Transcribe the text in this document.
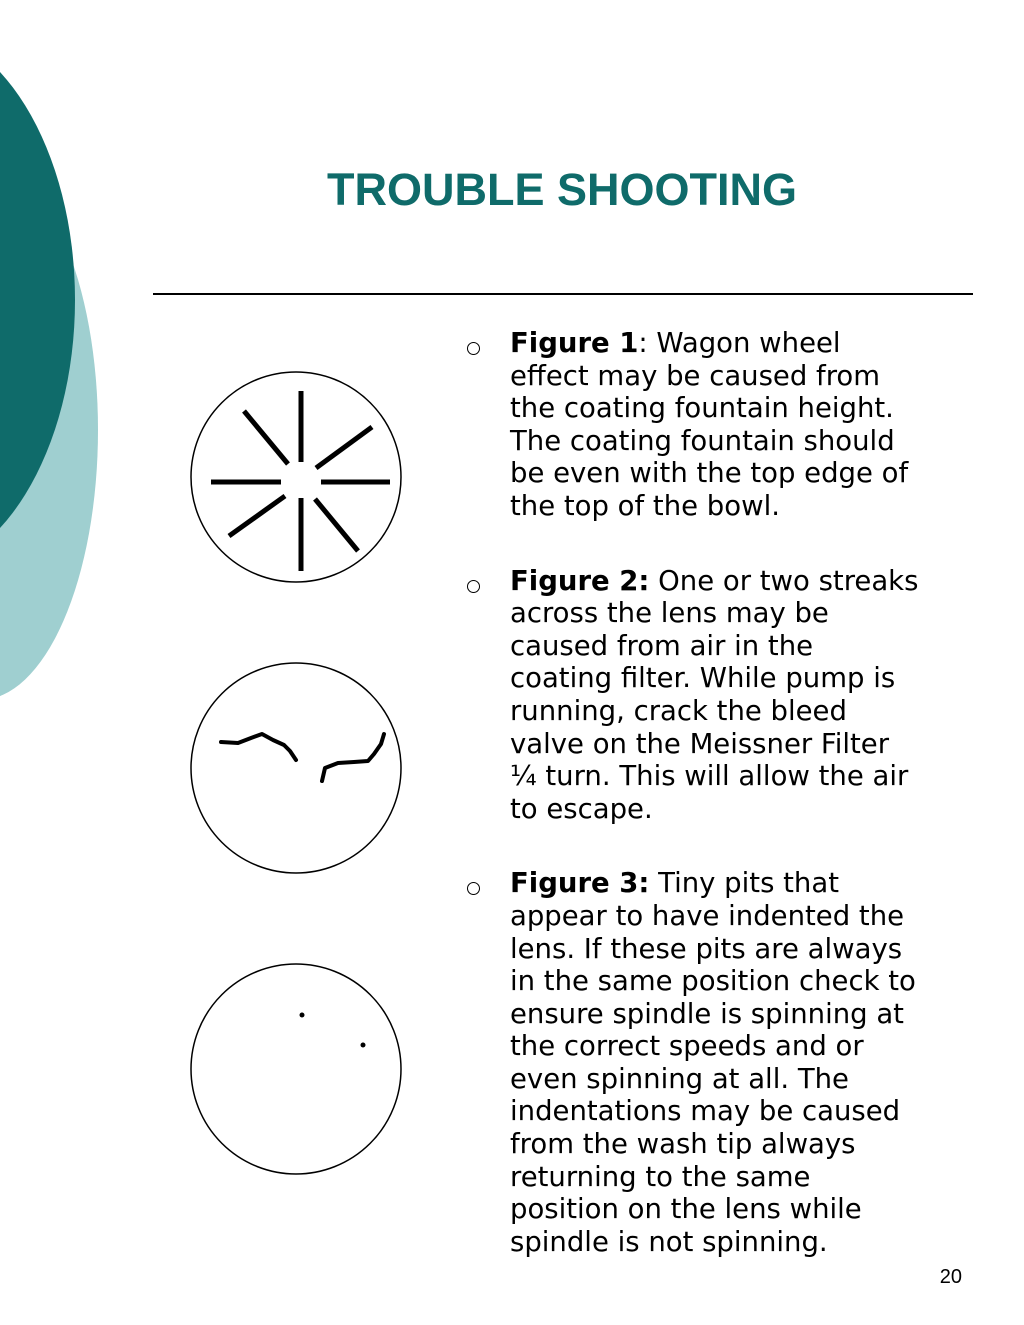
TROUBLE SHOOTING
Figure 1: Wagon wheel
effect may be caused from
the coating fountain height.
The coating fountain should
be even with the top edge of
the top of the bowl.
Figure 2: One or two streaks
across the lens may be
caused from air in the
coating filter. While pump is
running, crack the bleed
valve on the Meissner Filter
¼ turn. This will allow the air
to escape.
Figure 3: Tiny pits that
appear to have indented the
lens. If these pits are always
in the same position check to
ensure spindle is spinning at
the correct speeds and or
even spinning at all. The
indentations may be caused
from the wash tip always
returning to the same
position on the lens while
spindle is not spinning.
20
